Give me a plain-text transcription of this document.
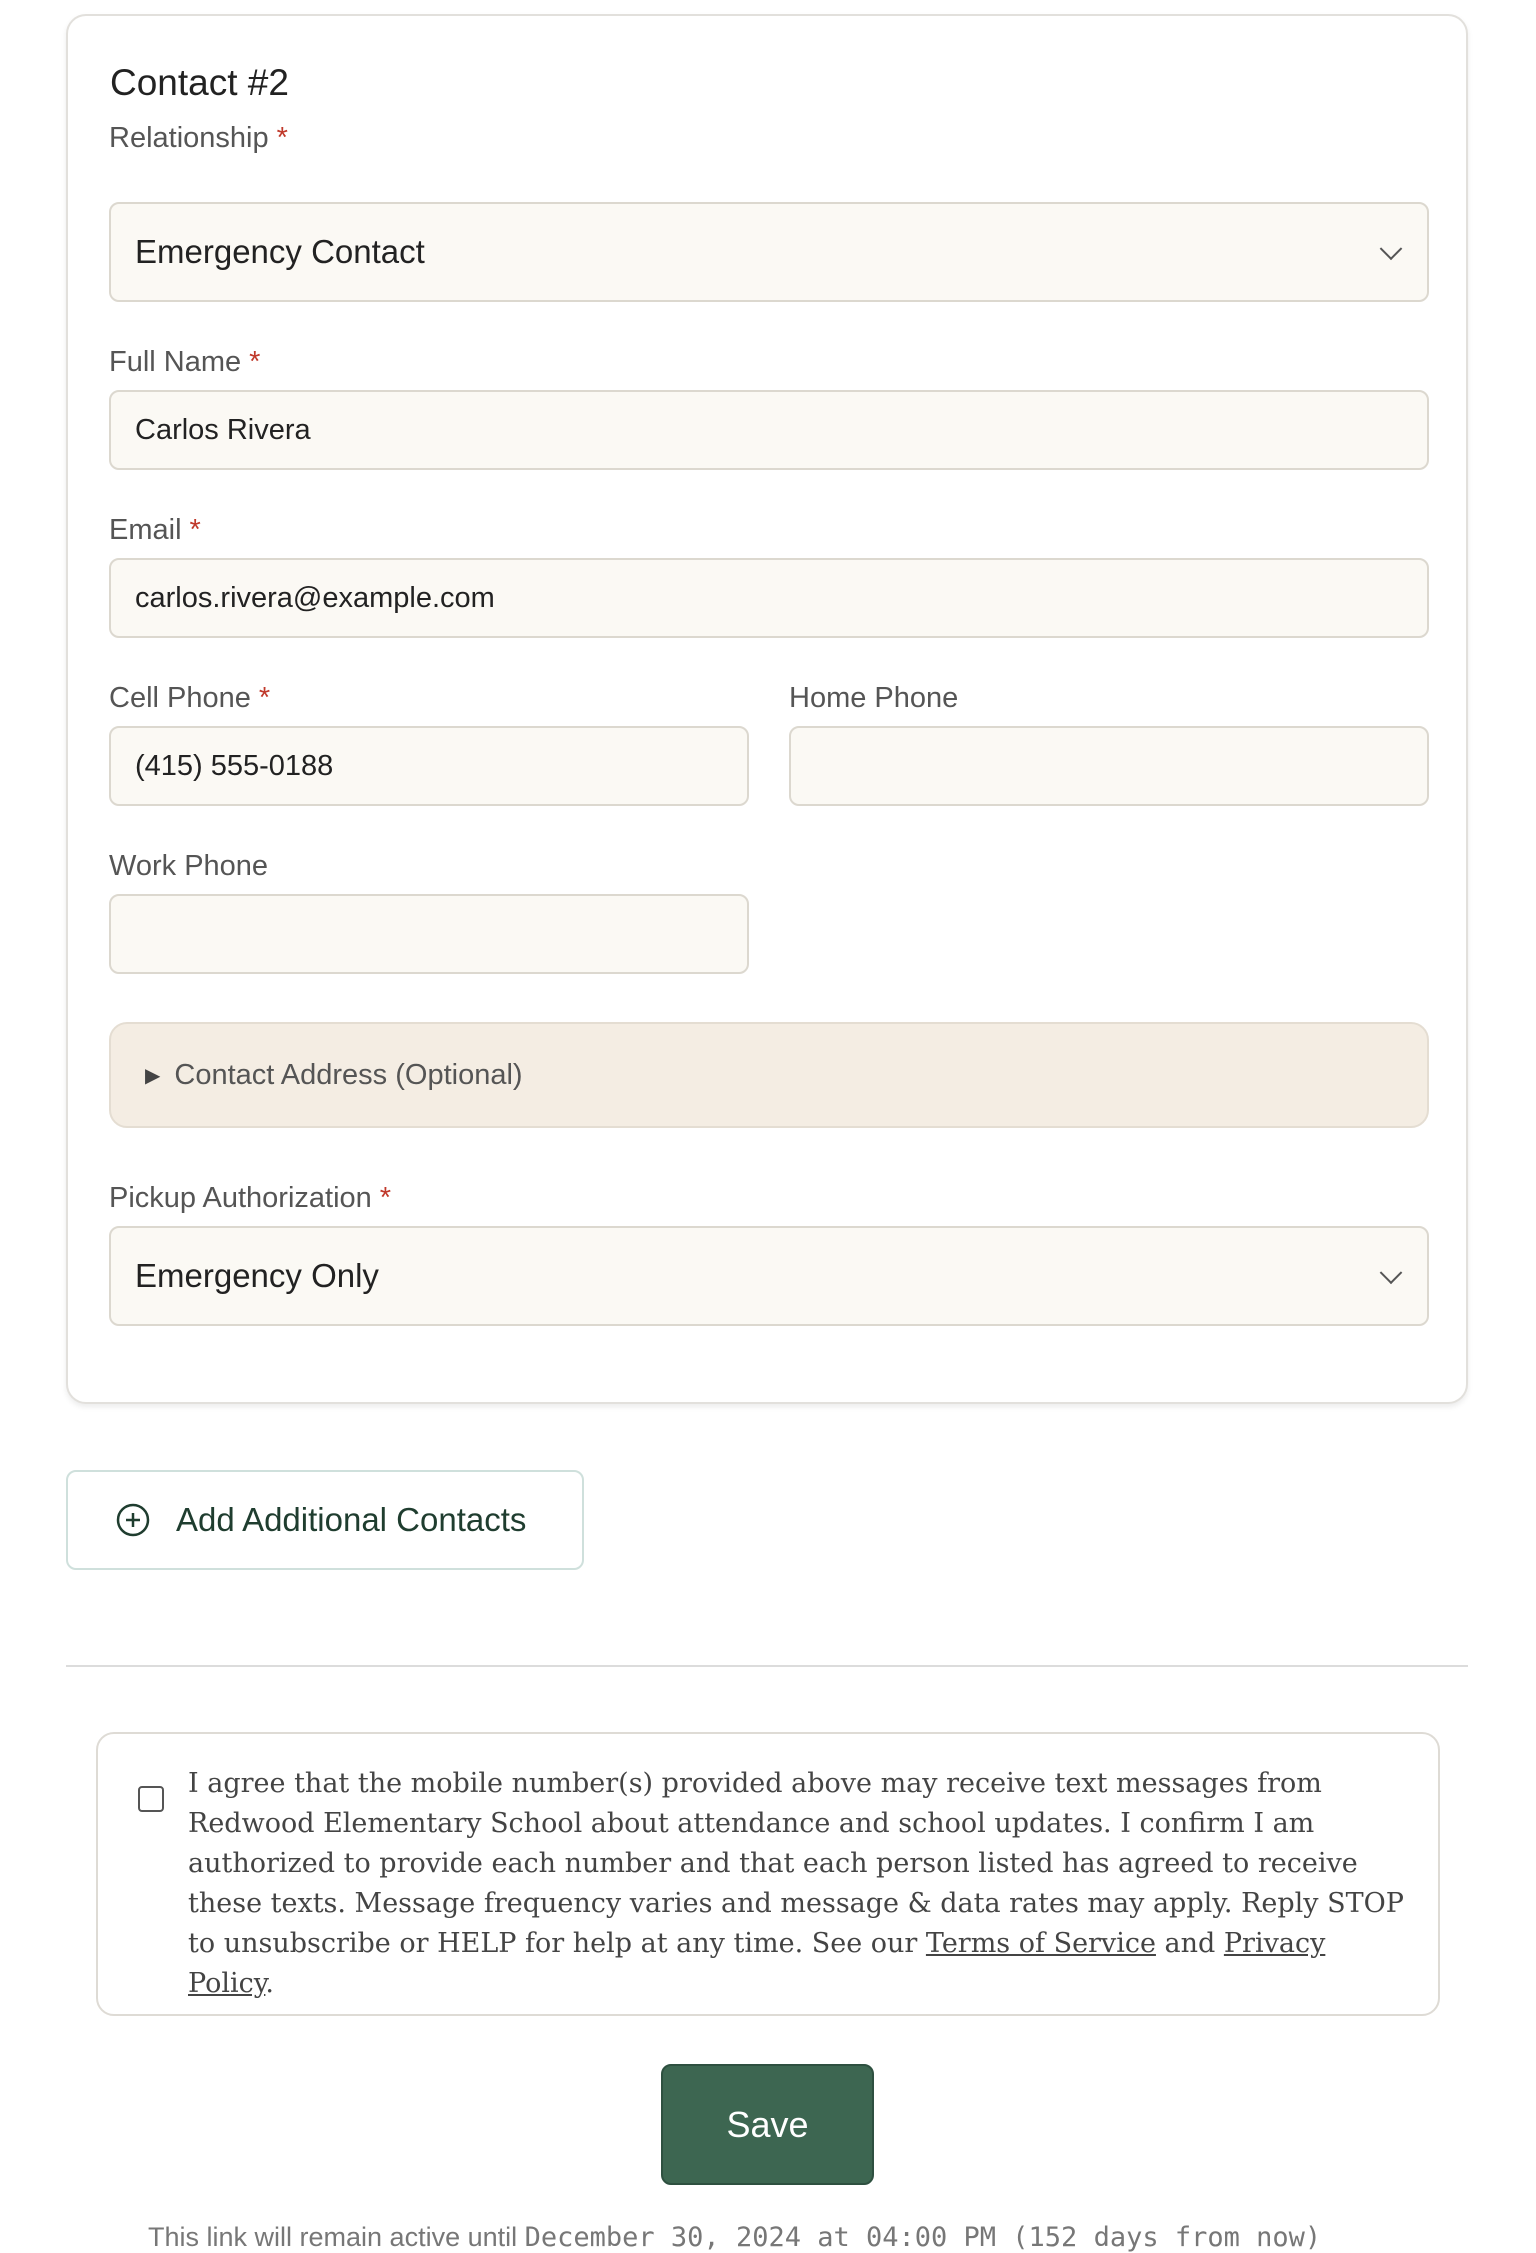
Contact #2
Relationship *
Emergency Contact
Full Name *
Carlos Rivera
Email *
carlos.rivera@example.com
Cell Phone *
(415) 555-0188
Home Phone
Work Phone
▶ Contact Address (Optional)
Pickup Authorization *
Emergency Only
Add Additional Contacts
I agree that the mobile number(s) provided above may receive text messages from Redwood Elementary School about attendance and school updates. I confirm I am authorized to provide each number and that each person listed has agreed to receive these texts. Message frequency varies and message & data rates may apply. Reply STOP to unsubscribe or HELP for help at any time. See our Terms of Service and Privacy Policy.
Save
This link will remain active until December 30, 2024 at 04:00 PM (152 days from now)
